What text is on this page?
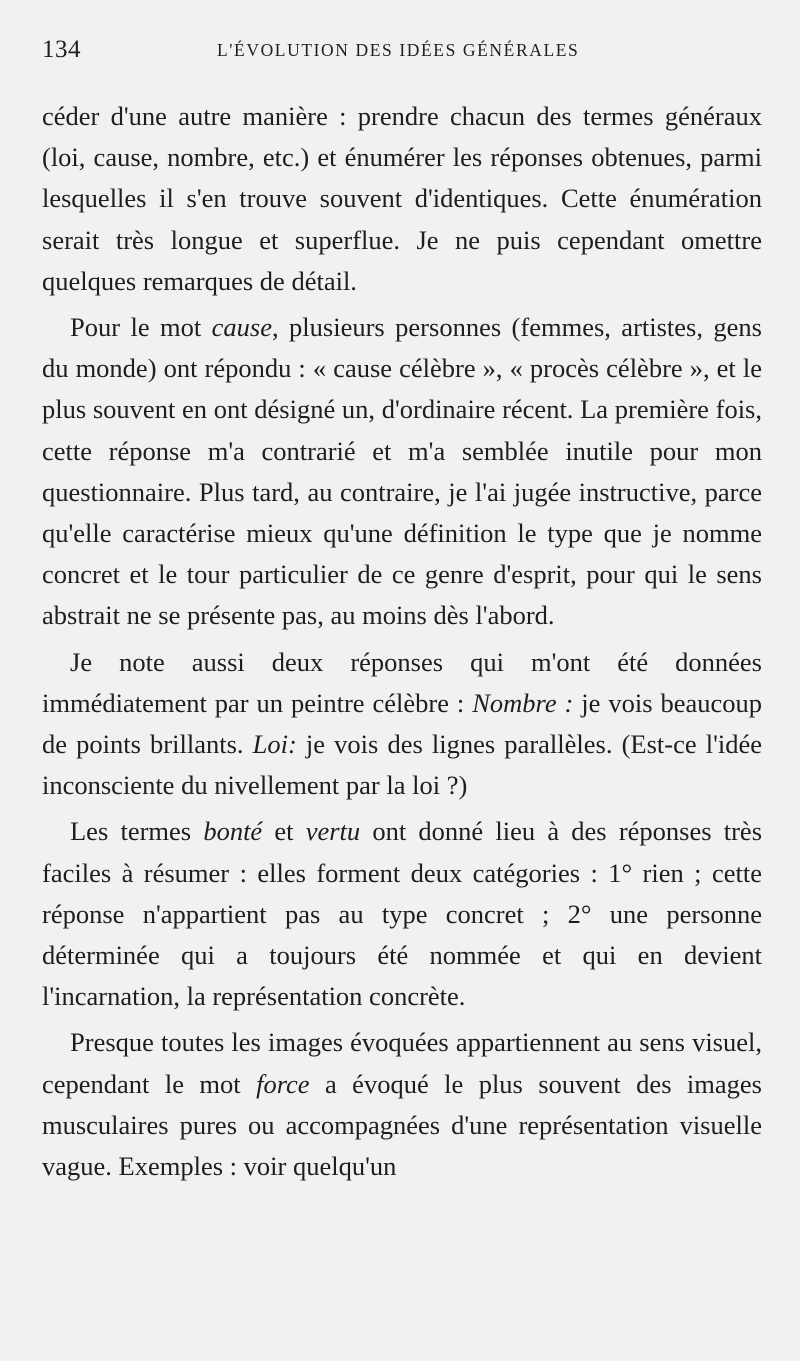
134	L'ÉVOLUTION DES IDÉES GÉNÉRALES

céder d'une autre manière : prendre chacun des termes généraux (loi, cause, nombre, etc.) et énumérer les réponses obtenues, parmi lesquelles il s'en trouve souvent d'identiques. Cette énumération serait très longue et superflue. Je ne puis cependant omettre quelques remarques de détail.

Pour le mot cause, plusieurs personnes (femmes, artistes, gens du monde) ont répondu : « cause célèbre », « procès célèbre », et le plus souvent en ont désigné un, d'ordinaire récent. La première fois, cette réponse m'a contrarié et m'a semblée inutile pour mon questionnaire. Plus tard, au contraire, je l'ai jugée instructive, parce qu'elle caractérise mieux qu'une définition le type que je nomme concret et le tour particulier de ce genre d'esprit, pour qui le sens abstrait ne se présente pas, au moins dès l'abord.

Je note aussi deux réponses qui m'ont été données immédiatement par un peintre célèbre : Nombre : je vois beaucoup de points brillants. Loi: je vois des lignes parallèles. (Est-ce l'idée inconsciente du nivellement par la loi ?)

Les termes bonté et vertu ont donné lieu à des réponses très faciles à résumer : elles forment deux catégories : 1° rien ; cette réponse n'appartient pas au type concret ; 2° une personne déterminée qui a toujours été nommée et qui en devient l'incarnation, la représentation concrète.

Presque toutes les images évoquées appartiennent au sens visuel, cependant le mot force a évoqué le plus souvent des images musculaires pures ou accompagnées d'une représentation visuelle vague. Exemples : voir quelqu'un
